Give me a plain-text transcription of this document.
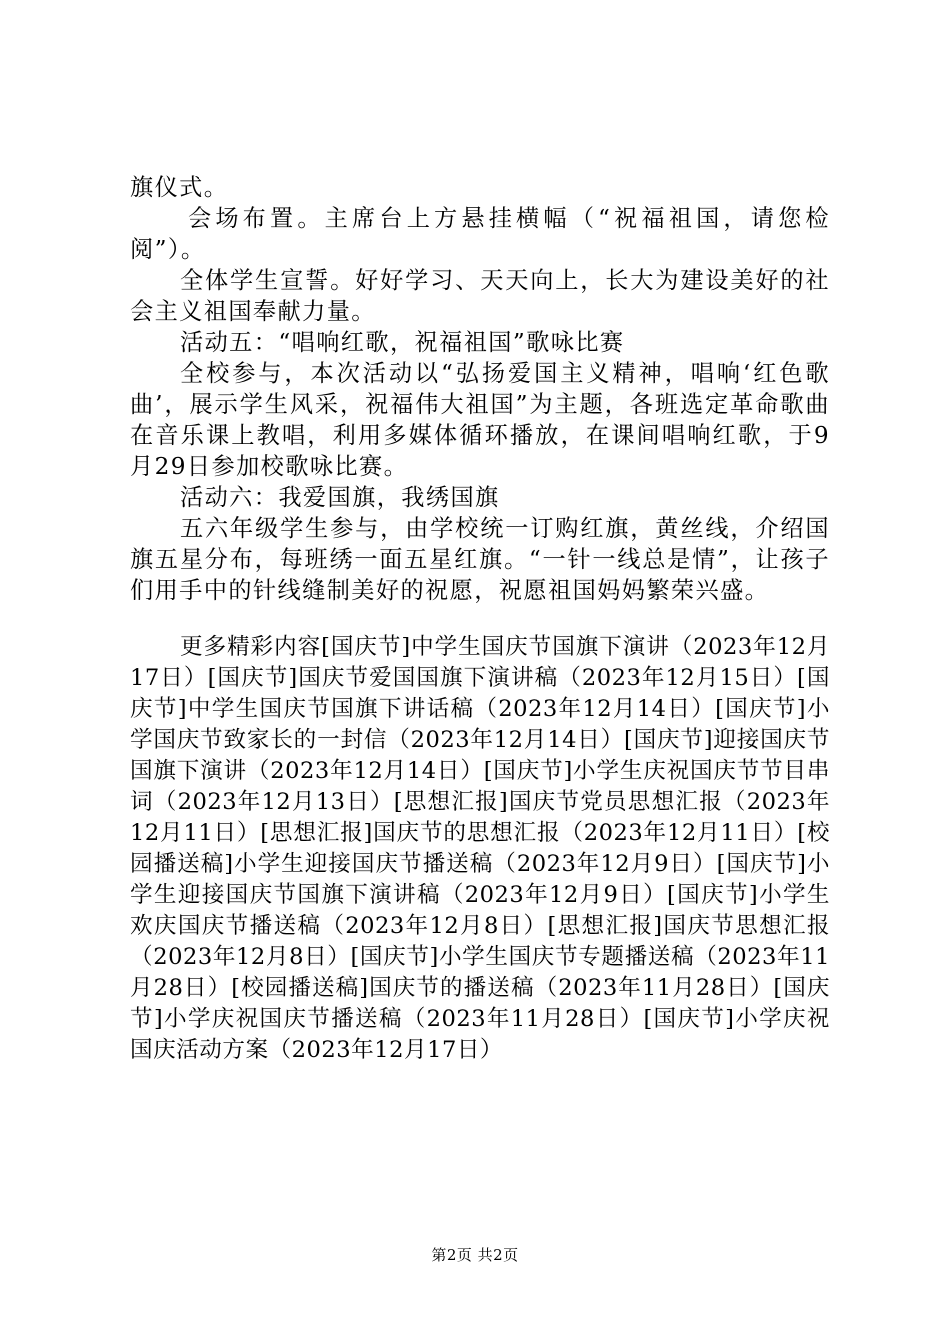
旗仪式。

会场布置。主席台上方悬挂横幅（“祝福祖国，请您检阅”）。

全体学生宣誓。好好学习、天天向上，长大为建设美好的社会主义祖国奉献力量。

活动五：“唱响红歌，祝福祖国”歌咏比赛

全校参与，本次活动以“弘扬爱国主义精神，唱响‘红色歌曲’，展示学生风采，祝福伟大祖国”为主题，各班选定革命歌曲在音乐课上教唱，利用多媒体循环播放，在课间唱响红歌，于9月29日参加校歌咏比赛。

活动六：我爱国旗，我绣国旗

五六年级学生参与，由学校统一订购红旗，黄丝线，介绍国旗五星分布，每班绣一面五星红旗。“一针一线总是情”，让孩子们用手中的针线缝制美好的祝愿，祝愿祖国妈妈繁荣兴盛。

更多精彩内容[国庆节]中学生国庆节国旗下演讲（2023年12月17日）[国庆节]国庆节爱国国旗下演讲稿（2023年12月15日）[国庆节]中学生国庆节国旗下讲话稿（2023年12月14日）[国庆节]小学国庆节致家长的一封信（2023年12月14日）[国庆节]迎接国庆节国旗下演讲（2023年12月14日）[国庆节]小学生庆祝国庆节节目串词（2023年12月13日）[思想汇报]国庆节党员思想汇报（2023年12月11日）[思想汇报]国庆节的思想汇报（2023年12月11日）[校园播送稿]小学生迎接国庆节播送稿（2023年12月9日）[国庆节]小学生迎接国庆节国旗下演讲稿（2023年12月9日）[国庆节]小学生欢庆国庆节播送稿（2023年12月8日）[思想汇报]国庆节思想汇报（2023年12月8日）[国庆节]小学生国庆节专题播送稿（2023年11月28日）[校园播送稿]国庆节的播送稿（2023年11月28日）[国庆节]小学庆祝国庆节播送稿（2023年11月28日）[国庆节]小学庆祝国庆活动方案（2023年12月17日）

第2页 共2页
